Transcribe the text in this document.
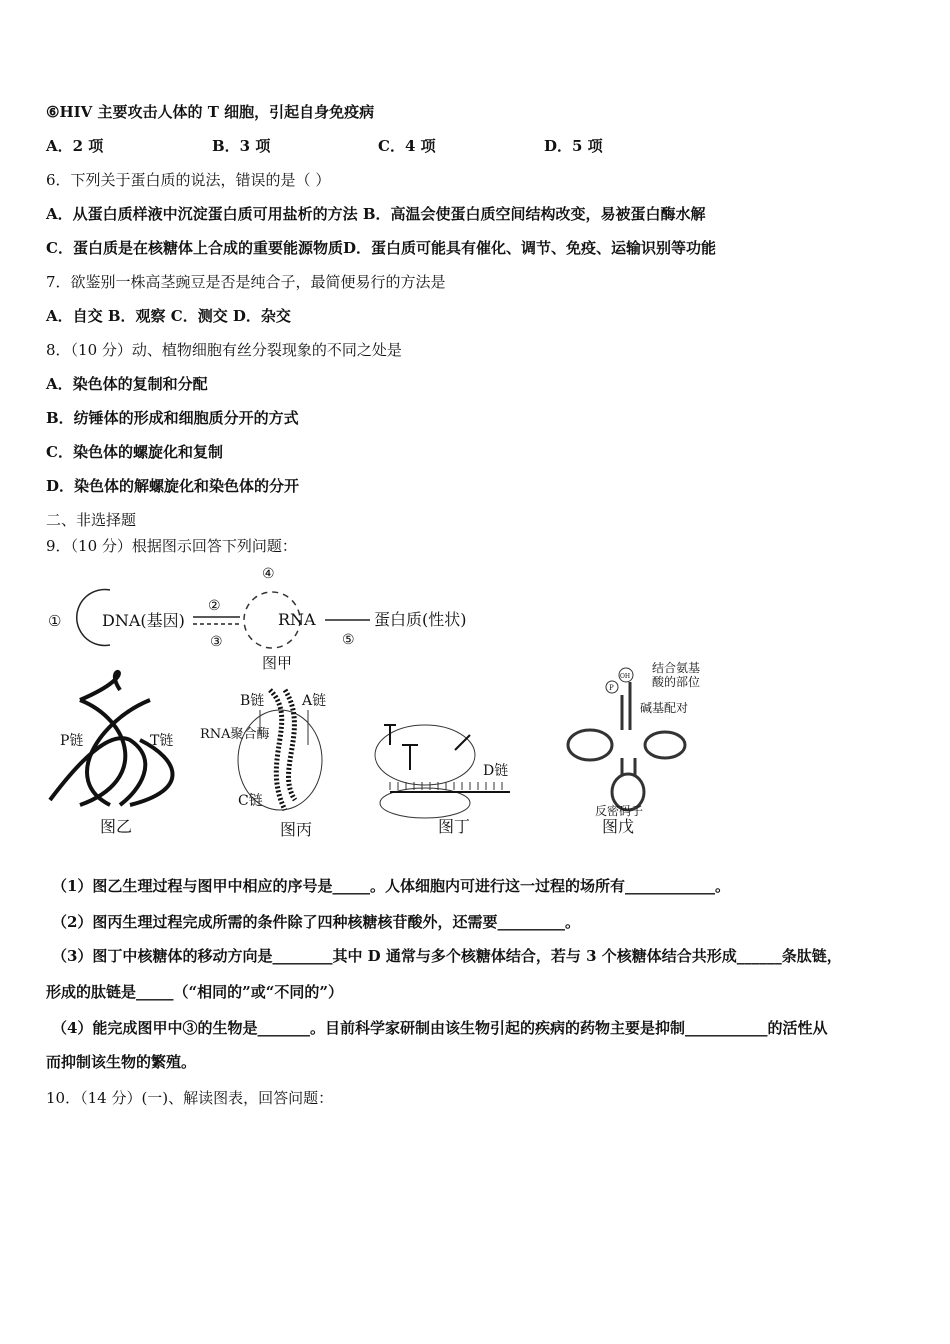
⑥HIV 主要攻击人体的 T 细胞，引起自身免疫病
A．2 项	B．3 项	C．4 项	D．5 项
6．下列关于蛋白质的说法，错误的是（ ）
A．从蛋白质样液中沉淀蛋白质可用盐析的方法 B．高温会使蛋白质空间结构改变，易被蛋白酶水解
C．蛋白质是在核糖体上合成的重要能源物质D．蛋白质可能具有催化、调节、免疫、运输识别等功能
7．欲鉴别一株高茎豌豆是否是纯合子，最简便易行的方法是
A．自交 B．观察 C．测交 D．杂交
8．（10 分）动、植物细胞有丝分裂现象的不同之处是
A．染色体的复制和分配
B．纺锤体的形成和细胞质分开的方式
C．染色体的螺旋化和复制
D．染色体的解螺旋化和染色体的分开
二、非选择题
9．（10 分）根据图示回答下列问题：
①	DNA(基因)
②
③
④
RNA
⑤
蛋白质(性状)
图甲
P链	T链
图乙
B链	A链
RNA聚合酶
C链
图丙
D链
图丁
P
OH
结合氨基
酸的部位
碱基配对
反密码子
图戊
（1）图乙生理过程与图甲中相应的序号是_____。人体细胞内可进行这一过程的场所有____________。
（2）图丙生理过程完成所需的条件除了四种核糖核苷酸外，还需要_________。
（3）图丁中核糖体的移动方向是________其中 D 通常与多个核糖体结合，若与 3 个核糖体结合共形成______条肽链，
形成的肽链是_____（“相同的”或“不同的”）
（4）能完成图甲中③的生物是_______。目前科学家研制由该生物引起的疾病的药物主要是抑制___________的活性从
而抑制该生物的繁殖。
10．（14 分）(一)、解读图表，回答问题：
